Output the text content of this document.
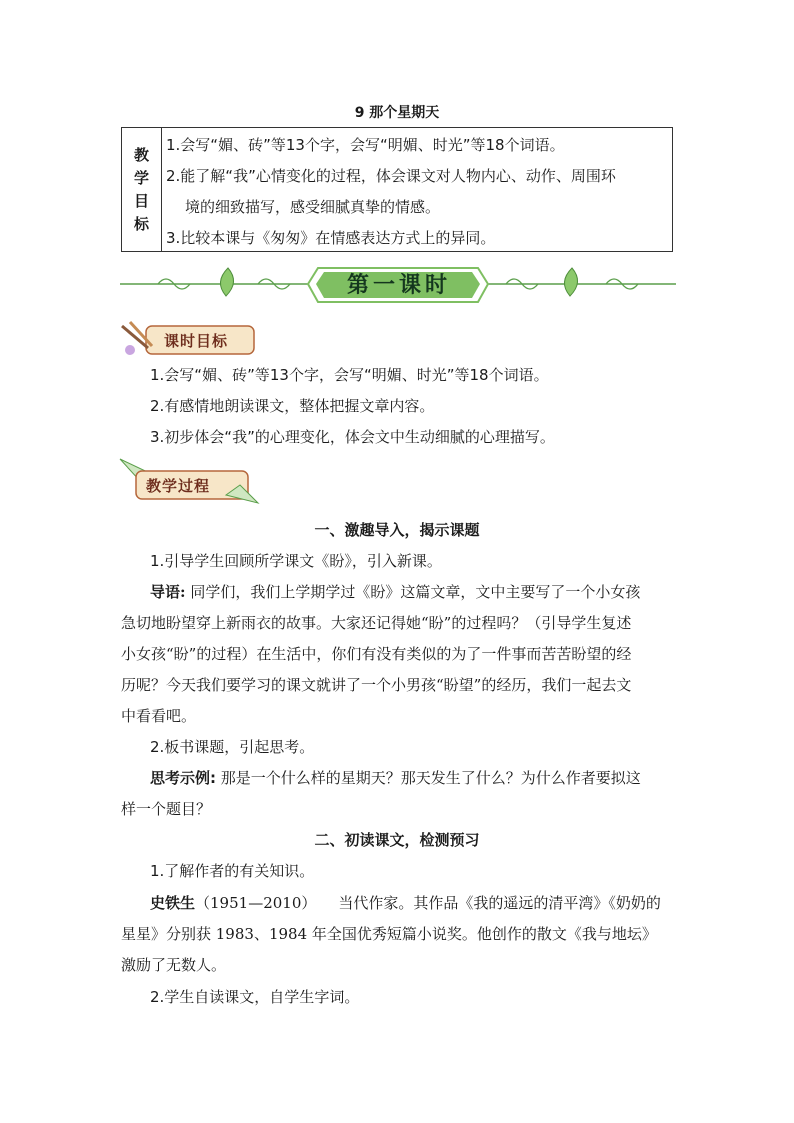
9 那个星期天
教
学
目
标
1.会写“媚、砖”等13个字，会写“明媚、时光”等18个词语。
2.能了解“我”心情变化的过程，体会课文对人物内心、动作、周围环
境的细致描写，感受细腻真挚的情感。
3.比较本课与《匆匆》在情感表达方式上的异同。
第一课时
课时目标
1.会写“媚、砖”等13个字，会写“明媚、时光”等18个词语。
2.有感情地朗读课文，整体把握文章内容。
3.初步体会“我”的心理变化，体会文中生动细腻的心理描写。
教学过程
一、激趣导入，揭示课题
1.引导学生回顾所学课文《盼》，引入新课。
导语: 同学们，我们上学期学过《盼》这篇文章，文中主要写了一个小女孩
急切地盼望穿上新雨衣的故事。大家还记得她“盼”的过程吗？（引导学生复述
小女孩“盼”的过程）在生活中，你们有没有类似的为了一件事而苦苦盼望的经
历呢？今天我们要学习的课文就讲了一个小男孩“盼望”的经历，我们一起去文
中看看吧。
2.板书课题，引起思考。
思考示例: 那是一个什么样的星期天？那天发生了什么？为什么作者要拟这
样一个题目？
二、初读课文，检测预习
1.了解作者的有关知识。
史铁生（1951—2010） 当代作家。其作品《我的遥远的清平湾》《奶奶的
星星》分别获 1983、1984 年全国优秀短篇小说奖。他创作的散文《我与地坛》
激励了无数人。
2.学生自读课文，自学生字词。
